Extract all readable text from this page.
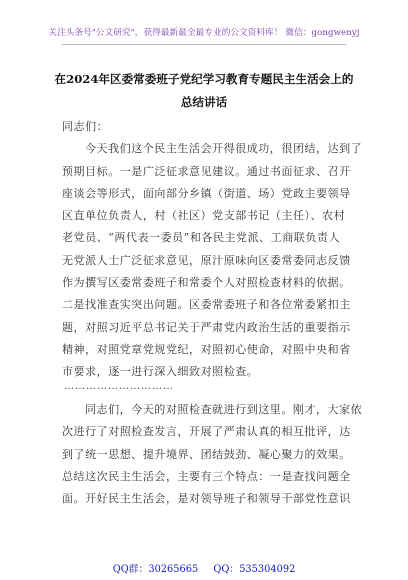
关注头条号"公文研究"，获得最新最全最专业的公文资料库！ 微信：gongwenyj
在2024年区委常委班子党纪学习教育专题民主生活会上的
总结讲话
同志们：
今天我们这个民主生活会开得很成功，很团结，达到了
预期目标。一是广泛征求意见建议。通过书面征求、召开
座谈会等形式，面向部分乡镇（街道、场）党政主要领导
区直单位负责人，村（社区）党支部书记（主任）、农村
老党员、“两代表一委员”和各民主党派、工商联负责人
无党派人士广泛征求意见，原汁原味向区委常委同志反馈
作为撰写区委常委班子和常委个人对照检查材料的依据。
二是找准查实突出问题。区委常委班子和各位常委紧扣主
题，对照习近平总书记关于严肃党内政治生活的重要指示
精神，对照党章党规党纪，对照初心使命，对照中央和省
市要求，逐一进行深入细致对照检查。
…………………………
同志们，今天的对照检查就进行到这里。刚才，大家依
次进行了对照检查发言，开展了严肃认真的相互批评，达
到了统一思想、提升境界、团结鼓劲、凝心聚力的效果。
总结这次民主生活会，主要有三个特点：一是查找问题全
面。开好民主生活会，是对领导班子和领导干部党性意识
QQ群：30265665 QQ：535304092
